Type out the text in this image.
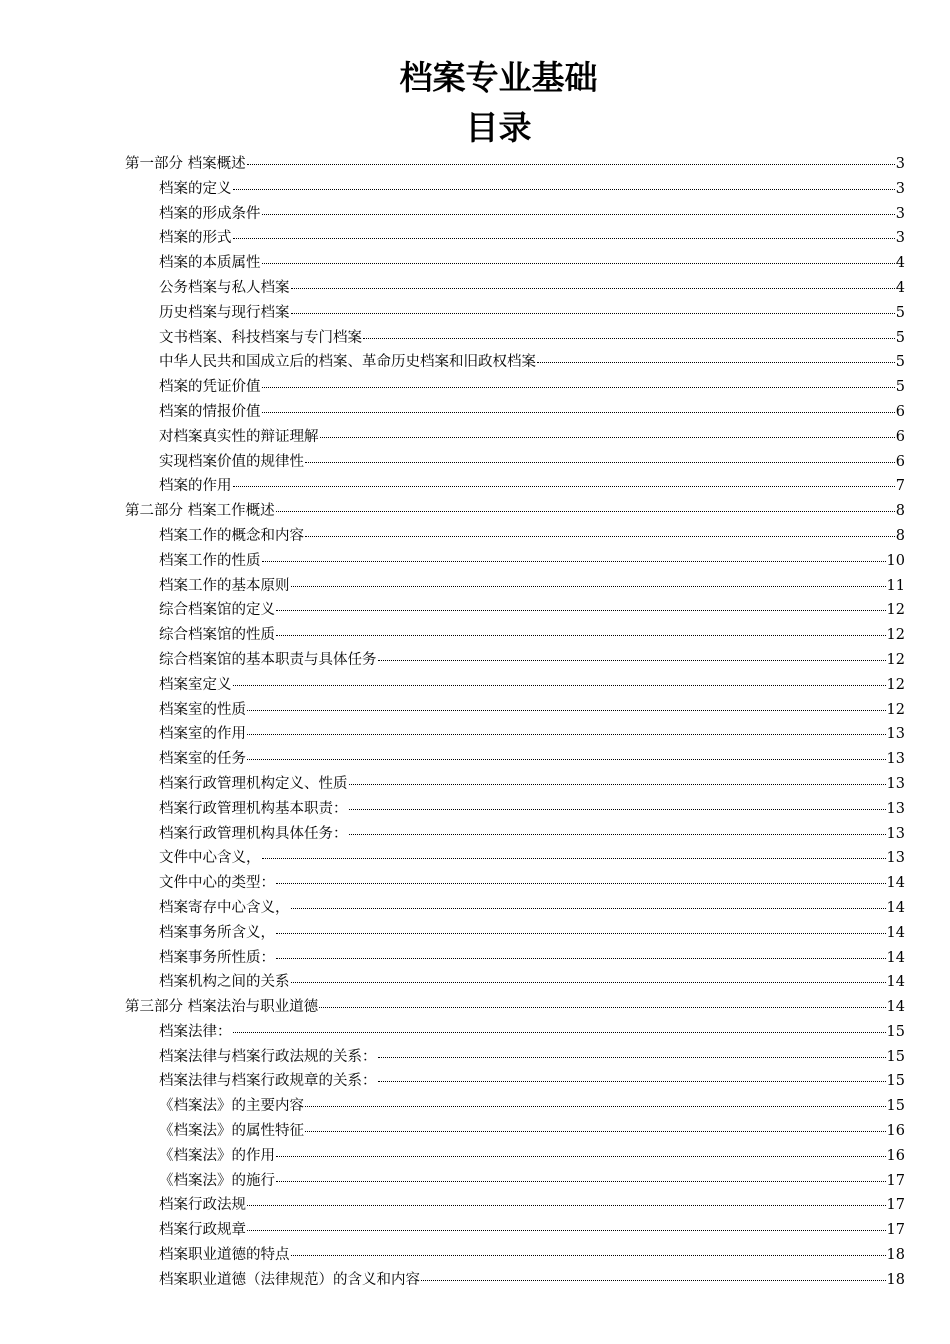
档案专业基础
目录
第一部分 档案概述	3
档案的定义	3
档案的形成条件	3
档案的形式	3
档案的本质属性	4
公务档案与私人档案	4
历史档案与现行档案	5
文书档案、科技档案与专门档案	5
中华人民共和国成立后的档案、革命历史档案和旧政权档案	5
档案的凭证价值	5
档案的情报价值	6
对档案真实性的辩证理解	6
实现档案价值的规律性	6
档案的作用	7
第二部分 档案工作概述	8
档案工作的概念和内容	8
档案工作的性质	10
档案工作的基本原则	11
综合档案馆的定义	12
综合档案馆的性质	12
综合档案馆的基本职责与具体任务	12
档案室定义	12
档案室的性质	12
档案室的作用	13
档案室的任务	13
档案行政管理机构定义、性质	13
档案行政管理机构基本职责：	13
档案行政管理机构具体任务：	13
文件中心含义，	13
文件中心的类型：	14
档案寄存中心含义，	14
档案事务所含义，	14
档案事务所性质：	14
档案机构之间的关系	14
第三部分 档案法治与职业道德	14
档案法律：	15
档案法律与档案行政法规的关系：	15
档案法律与档案行政规章的关系：	15
《档案法》的主要内容	15
《档案法》的属性特征	16
《档案法》的作用	16
《档案法》的施行	17
档案行政法规	17
档案行政规章	17
档案职业道德的特点	18
档案职业道德（法律规范）的含义和内容	18
